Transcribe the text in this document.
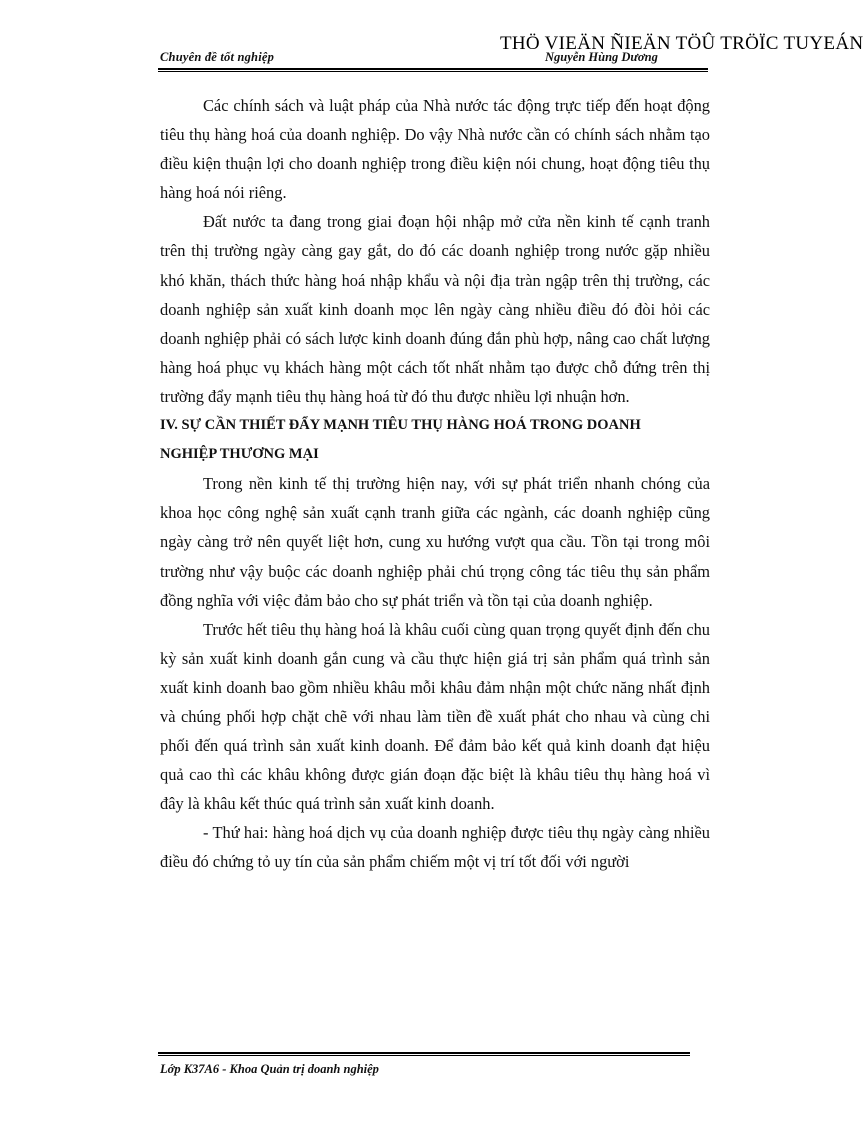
Chuyên đề tốt nghiệp	Nguyễn Hùng Dương
THÖ VIEÄN ÑIEÄN TÖÛ TRÖÏC TUYEÁN

Các chính sách và luật pháp của Nhà nước tác động trực tiếp đến hoạt động tiêu thụ hàng hoá của doanh nghiệp. Do vậy Nhà nước cần có chính sách nhằm tạo điều kiện thuận lợi cho doanh nghiệp trong điều kiện nói chung, hoạt động tiêu thụ hàng hoá nói riêng.

Đất nước ta đang trong giai đoạn hội nhập mở cửa nền kinh tế cạnh tranh trên thị trường ngày càng gay gắt, do đó các doanh nghiệp trong nước gặp nhiều khó khăn, thách thức hàng hoá nhập khẩu và nội địa tràn ngập trên thị trường, các doanh nghiệp sản xuất kinh doanh mọc lên ngày càng nhiều điều đó đòi hỏi các doanh nghiệp phải có sách lược kinh doanh đúng đắn phù hợp, nâng cao chất lượng hàng hoá phục vụ khách hàng một cách tốt nhất nhằm tạo được chỗ đứng trên thị trường đẩy mạnh tiêu thụ hàng hoá từ đó thu được nhiều lợi nhuận hơn.

IV. SỰ CẦN THIẾT ĐẨY MẠNH TIÊU THỤ HÀNG HOÁ TRONG DOANH
NGHIỆP THƯƠNG MẠI

Trong nền kinh tế thị trường hiện nay, với sự phát triển nhanh chóng của khoa học công nghệ sản xuất cạnh tranh giữa các ngành, các doanh nghiệp cũng ngày càng trở nên quyết liệt hơn, cung xu hướng vượt qua cầu. Tồn tại trong môi trường như vậy buộc các doanh nghiệp phải chú trọng công tác tiêu thụ sản phẩm đồng nghĩa với việc đảm bảo cho sự phát triển và tồn tại của doanh nghiệp.

Trước hết tiêu thụ hàng hoá là khâu cuối cùng quan trọng quyết định đến chu kỳ sản xuất kinh doanh gắn cung và cầu thực hiện giá trị sản phẩm quá trình sản xuất kinh doanh bao gồm nhiều khâu mỗi khâu đảm nhận một chức năng nhất định và chúng phối hợp chặt chẽ với nhau làm tiền đề xuất phát cho nhau và cùng chi phối đến quá trình sản xuất kinh doanh. Để đảm bảo kết quả kinh doanh đạt hiệu quả cao thì các khâu không được gián đoạn đặc biệt là khâu tiêu thụ hàng hoá vì đây là khâu kết thúc quá trình sản xuất kinh doanh.

- Thứ hai: hàng hoá dịch vụ của doanh nghiệp được tiêu thụ ngày càng nhiều điều đó chứng tỏ uy tín của sản phẩm chiếm một vị trí tốt đối với người

Lớp K37A6 - Khoa Quản trị doanh nghiệp
